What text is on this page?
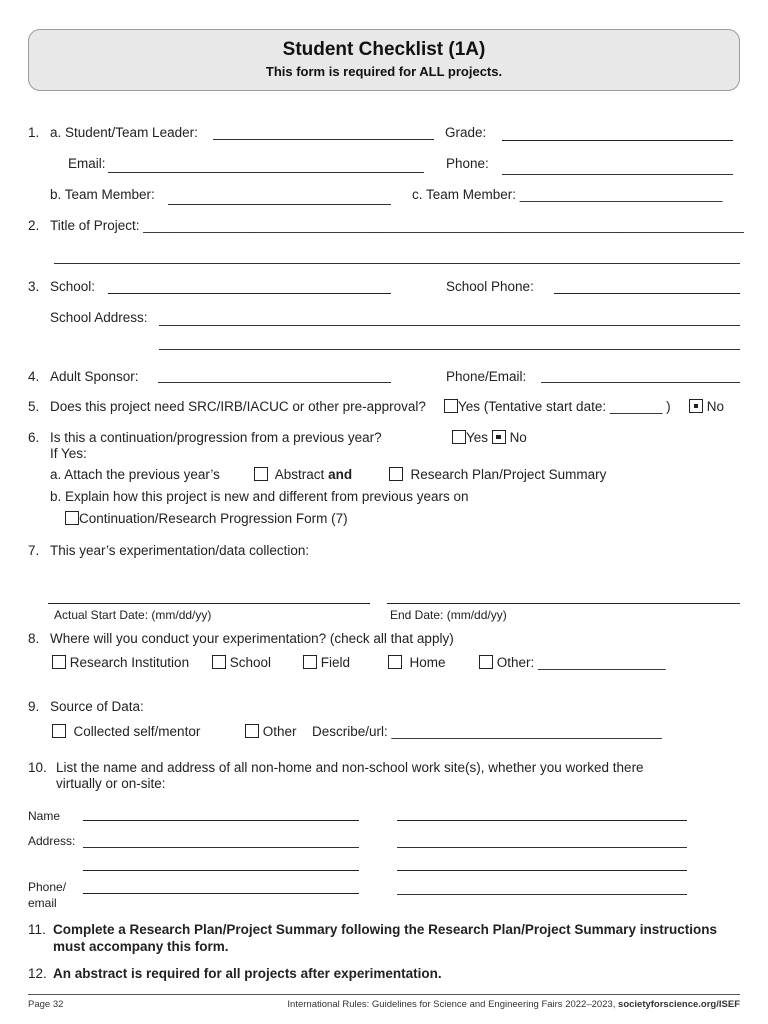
Student Checklist (1A)
This form is required for ALL projects.
1. a. Student/Team Leader:	Grade:
Email:	Phone:
b. Team Member:	c. Team Member: ___________________________
2. Title of Project: ________________________________________________________________________________
3. School:	School Phone:
School Address:
4. Adult Sponsor:	Phone/Email:
5. Does this project need SRC/IRB/IACUC or other pre-approval?	Yes (Tentative start date: _______ )	No
6. Is this a continuation/progression from a previous year?	Yes No
If Yes:
a. Attach the previous year’s	Abstract and	Research Plan/Project Summary
b. Explain how this project is new and different from previous years on
Continuation/Research Progression Form (7)
7. This year’s experimentation/data collection:
Actual Start Date: (mm/dd/yy)	End Date: (mm/dd/yy)
8. Where will you conduct your experimentation? (check all that apply)
Research Institution	School	Field	Home	Other: _________________
9. Source of Data:
Collected self/mentor	Other Describe/url: ____________________________________
10. List the name and address of all non-home and non-school work site(s), whether you worked there
virtually or on-site:
Name
Address:
Phone/
email
11. Complete a Research Plan/Project Summary following the Research Plan/Project Summary instructions
must accompany this form.
12. An abstract is required for all projects after experimentation.
Page 32	International Rules: Guidelines for Science and Engineering Fairs 2022–2023, societyforscience.org/ISEF
